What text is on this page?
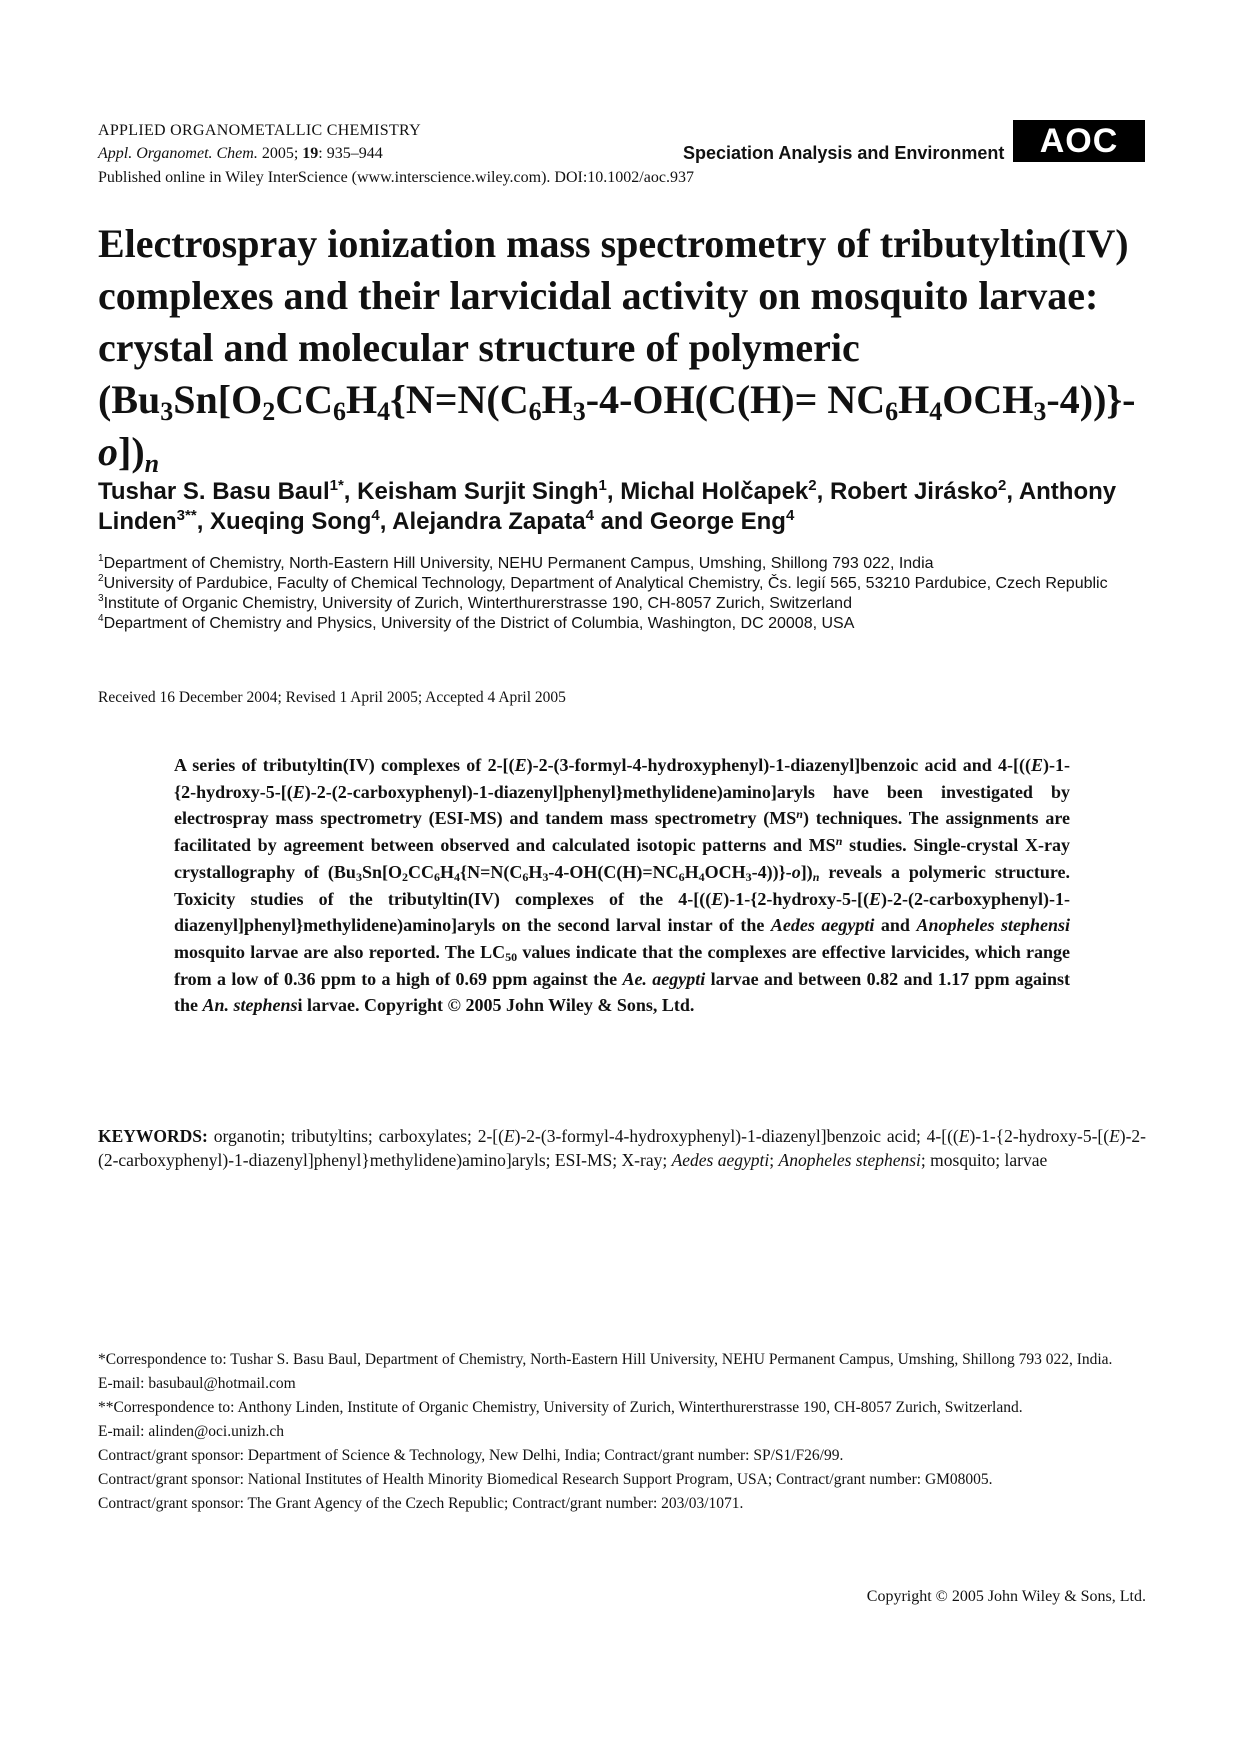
APPLIED ORGANOMETALLIC CHEMISTRY
Appl. Organomet. Chem. 2005; 19: 935–944
Published online in Wiley InterScience (www.interscience.wiley.com). DOI:10.1002/aoc.937
Speciation Analysis and Environment	AOC
Electrospray ionization mass spectrometry of tributyltin(IV) complexes and their larvicidal activity on mosquito larvae: crystal and molecular structure of polymeric $(Bu_3Sn[O_2CC_6H_4\{N=N(C_6H_3-4-OH(C(H)= NC_6H_4OCH_3-4))\}-o])_n$
Tushar S. Basu Baul$^{1*}$, Keisham Surjit Singh$^1$, Michal Holčapek$^2$, Robert Jirásko$^2$, Anthony Linden$^{3**}$, Xueqing Song$^4$, Alejandra Zapata$^4$ and George Eng$^4$
$^1$Department of Chemistry, North-Eastern Hill University, NEHU Permanent Campus, Umshing, Shillong 793 022, India
$^2$University of Pardubice, Faculty of Chemical Technology, Department of Analytical Chemistry, Čs. legií 565, 53210 Pardubice, Czech Republic
$^3$Institute of Organic Chemistry, University of Zurich, Winterthurerstrasse 190, CH-8057 Zurich, Switzerland
$^4$Department of Chemistry and Physics, University of the District of Columbia, Washington, DC 20008, USA
Received 16 December 2004; Revised 1 April 2005; Accepted 4 April 2005

A series of tributyltin(IV) complexes of 2-[(E)-2-(3-formyl-4-hydroxyphenyl)-1-diazenyl]benzoic acid and 4-[((E)-1-{2-hydroxy-5-[(E)-2-(2-carboxyphenyl)-1-diazenyl]phenyl}methylidene)amino]aryls have been investigated by electrospray mass spectrometry (ESI-MS) and tandem mass spectrometry $(MS^n)$ techniques. The assignments are facilitated by agreement between observed and calculated isotopic patterns and $MS^n$ studies. Single-crystal X-ray crystallography of $(Bu_3Sn[O_2CC_6H_4\{N=N(C_6H_3-4-OH(C(H)=NC_6H_4OCH_3-4))\}-o])_n$ reveals a polymeric structure. Toxicity studies of the tributyltin(IV) complexes of the 4-[((E)-1-{2-hydroxy-5-[(E)-2-(2-carboxyphenyl)-1-diazenyl]phenyl}methylidene)amino]aryls on the second larval instar of the Aedes aegypti and Anopheles stephensi mosquito larvae are also reported. The $LC_{50}$ values indicate that the complexes are effective larvicides, which range from a low of 0.36 ppm to a high of 0.69 ppm against the Ae. aegypti larvae and between 0.82 and 1.17 ppm against the An. stephensi larvae. Copyright © 2005 John Wiley & Sons, Ltd.

KEYWORDS: organotin; tributyltins; carboxylates; 2-[(E)-2-(3-formyl-4-hydroxyphenyl)-1-diazenyl]benzoic acid; 4-[((E)-1-{2-hydroxy-5-[(E)-2-(2-carboxyphenyl)-1-diazenyl]phenyl}methylidene)amino]aryls; ESI-MS; X-ray; Aedes aegypti; Anopheles stephensi; mosquito; larvae

*Correspondence to: Tushar S. Basu Baul, Department of Chemistry, North-Eastern Hill University, NEHU Permanent Campus, Umshing, Shillong 793 022, India.

E-mail: basubaul@hotmail.com

**Correspondence to: Anthony Linden, Institute of Organic Chemistry, University of Zurich, Winterthurerstrasse 190, CH-8057 Zurich, Switzerland.

E-mail: alinden@oci.unizh.ch

Contract/grant sponsor: Department of Science & Technology, New Delhi, India; Contract/grant number: SP/S1/F26/99.

Contract/grant sponsor: National Institutes of Health Minority Biomedical Research Support Program, USA; Contract/grant number: GM08005.

Contract/grant sponsor: The Grant Agency of the Czech Republic; Contract/grant number: 203/03/1071.

Copyright © 2005 John Wiley & Sons, Ltd.
